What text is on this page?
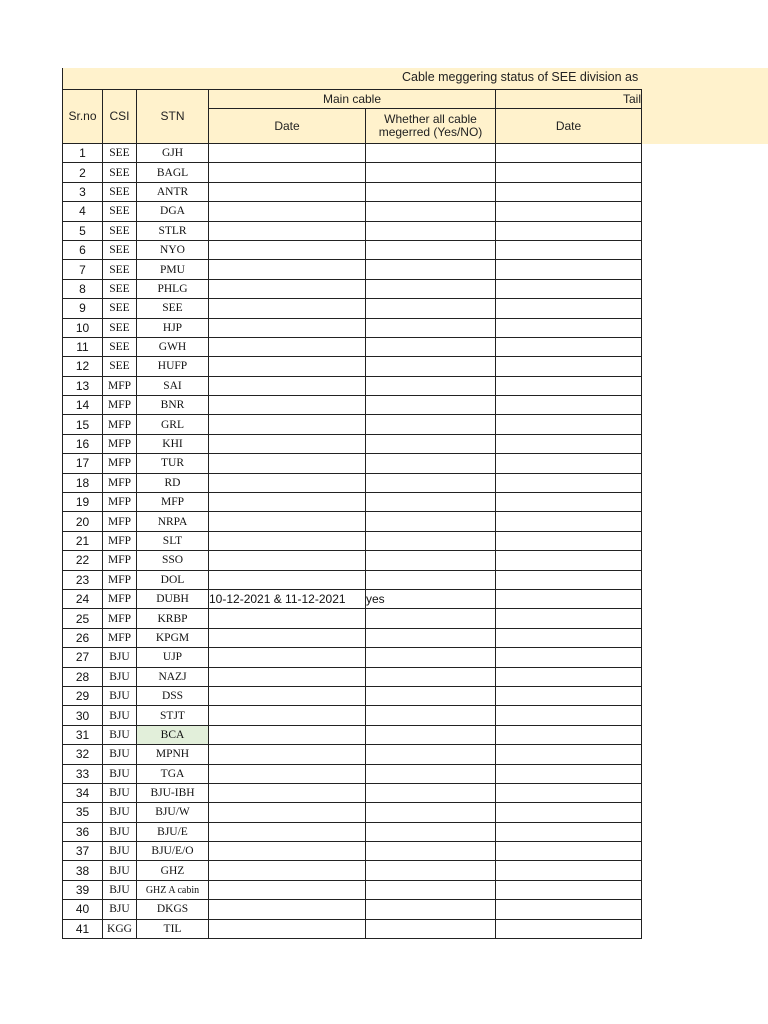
Cable meggering status of SEE division as
Sr.no	CSI	STN	Main cable		Tail
			Date	Whether all cable megerred (Yes/NO)	Date
1	SEE	GJH			
2	SEE	BAGL			
3	SEE	ANTR			
4	SEE	DGA			
5	SEE	STLR			
6	SEE	NYO			
7	SEE	PMU			
8	SEE	PHLG			
9	SEE	SEE			
10	SEE	HJP			
11	SEE	GWH			
12	SEE	HUFP			
13	MFP	SAI			
14	MFP	BNR			
15	MFP	GRL			
16	MFP	KHI			
17	MFP	TUR			
18	MFP	RD			
19	MFP	MFP			
20	MFP	NRPA			
21	MFP	SLT			
22	MFP	SSO			
23	MFP	DOL			
24	MFP	DUBH	10-12-2021 & 11-12-2021	yes	
25	MFP	KRBP			
26	MFP	KPGM			
27	BJU	UJP			
28	BJU	NAZJ			
29	BJU	DSS			
30	BJU	STJT			
31	BJU	BCA			
32	BJU	MPNH			
33	BJU	TGA			
34	BJU	BJU-IBH			
35	BJU	BJU/W			
36	BJU	BJU/E			
37	BJU	BJU/E/O			
38	BJU	GHZ			
39	BJU	GHZ A cabin			
40	BJU	DKGS			
41	KGG	TIL			
